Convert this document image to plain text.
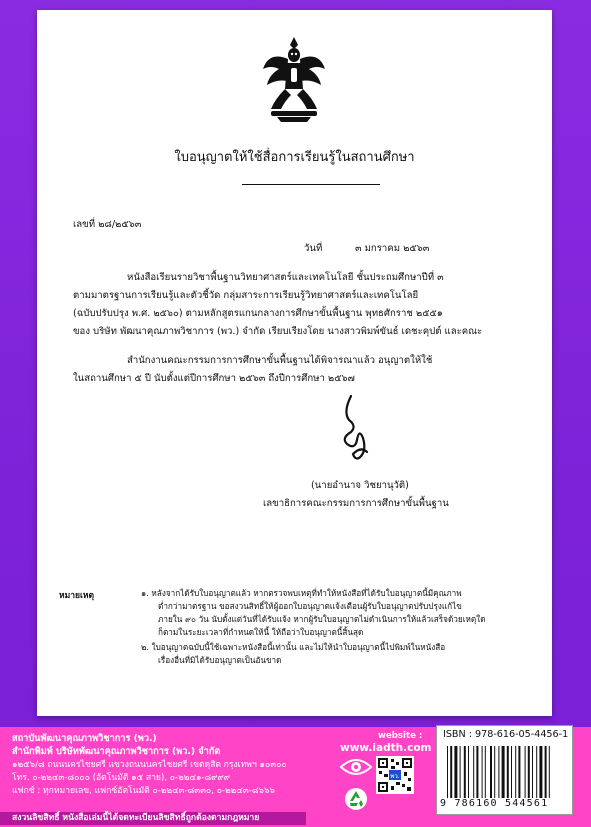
ใบอนุญาตให้ใช้สื่อการเรียนรู้ในสถานศึกษา
เลขที่ ๒๘/๒๕๖๓
วันที่	๓ มกราคม ๒๕๖๓
หนังสือเรียนรายวิชาพื้นฐานวิทยาศาสตร์และเทคโนโลยี ชั้นประถมศึกษาปีที่ ๓
ตามมาตรฐานการเรียนรู้และตัวชี้วัด กลุ่มสาระการเรียนรู้วิทยาศาสตร์และเทคโนโลยี
(ฉบับปรับปรุง พ.ศ. ๒๕๖๐) ตามหลักสูตรแกนกลางการศึกษาขั้นพื้นฐาน พุทธศักราช ๒๕๕๑
ของ บริษัท พัฒนาคุณภาพวิชาการ (พว.) จำกัด เรียบเรียงโดย นางสาวพิมพ์ขันธ์ เดชะคุปต์ และคณะ
สำนักงานคณะกรรมการการศึกษาขั้นพื้นฐานได้พิจารณาแล้ว อนุญาตให้ใช้
ในสถานศึกษา ๕ ปี นับตั้งแต่ปีการศึกษา ๒๕๖๓ ถึงปีการศึกษา ๒๕๖๗
(นายอำนาจ วิชยานุวัติ)
เลขาธิการคณะกรรมการการศึกษาขั้นพื้นฐาน
หมายเหตุ	๑. หลังจากได้รับใบอนุญาตแล้ว หากตรวจพบเหตุที่ทำให้หนังสือที่ได้รับใบอนุญาตนี้มีคุณภาพ
ต่ำกว่ามาตรฐาน ขอสงวนสิทธิ์ให้ผู้ออกใบอนุญาตแจ้งเตือนผู้รับใบอนุญาตปรับปรุงแก้ไข
ภายใน ๙๐ วัน นับตั้งแต่วันที่ได้รับแจ้ง หากผู้รับใบอนุญาตไม่ดำเนินการให้แล้วเสร็จด้วยเหตุใด
ก็ตามในระยะเวลาที่กำหนดให้นี้ ให้ถือว่าใบอนุญาตนี้สิ้นสุด
๒. ใบอนุญาตฉบับนี้ใช้เฉพาะหนังสือนี้เท่านั้น และไม่ให้นำใบอนุญาตนี้ไปพิมพ์ในหนังสือ
เรื่องอื่นที่มิได้รับอนุญาตเป็นอันขาด
สถาบันพัฒนาคุณภาพวิชาการ (พว.)
สำนักพิมพ์ บริษัทพัฒนาคุณภาพวิชาการ (พว.) จำกัด
๑๒๕๖/๘ ถนนนครไชยศรี แขวงถนนนครไชยศรี เขตดุสิต กรุงเทพฯ ๑๐๓๐๐
โทร. ๐-๒๒๔๓-๘๐๐๐ (อัตโนมัติ ๑๕ สาย), ๐-๒๒๔๑-๘๙๙๙
แฟกซ์ : ทุกหมายเลข, แฟกซ์อัตโนมัติ ๐-๒๒๔๓-๘๓๓๐, ๐-๒๒๔๓-๘๖๖๖
สงวนลิขสิทธิ์ หนังสือเล่มนี้ได้จดทะเบียนลิขสิทธิ์ถูกต้องตามกฎหมาย
website :
www.iadth.com
พว.
ISBN : 978-616-05-4456-1
9 786160 544561
